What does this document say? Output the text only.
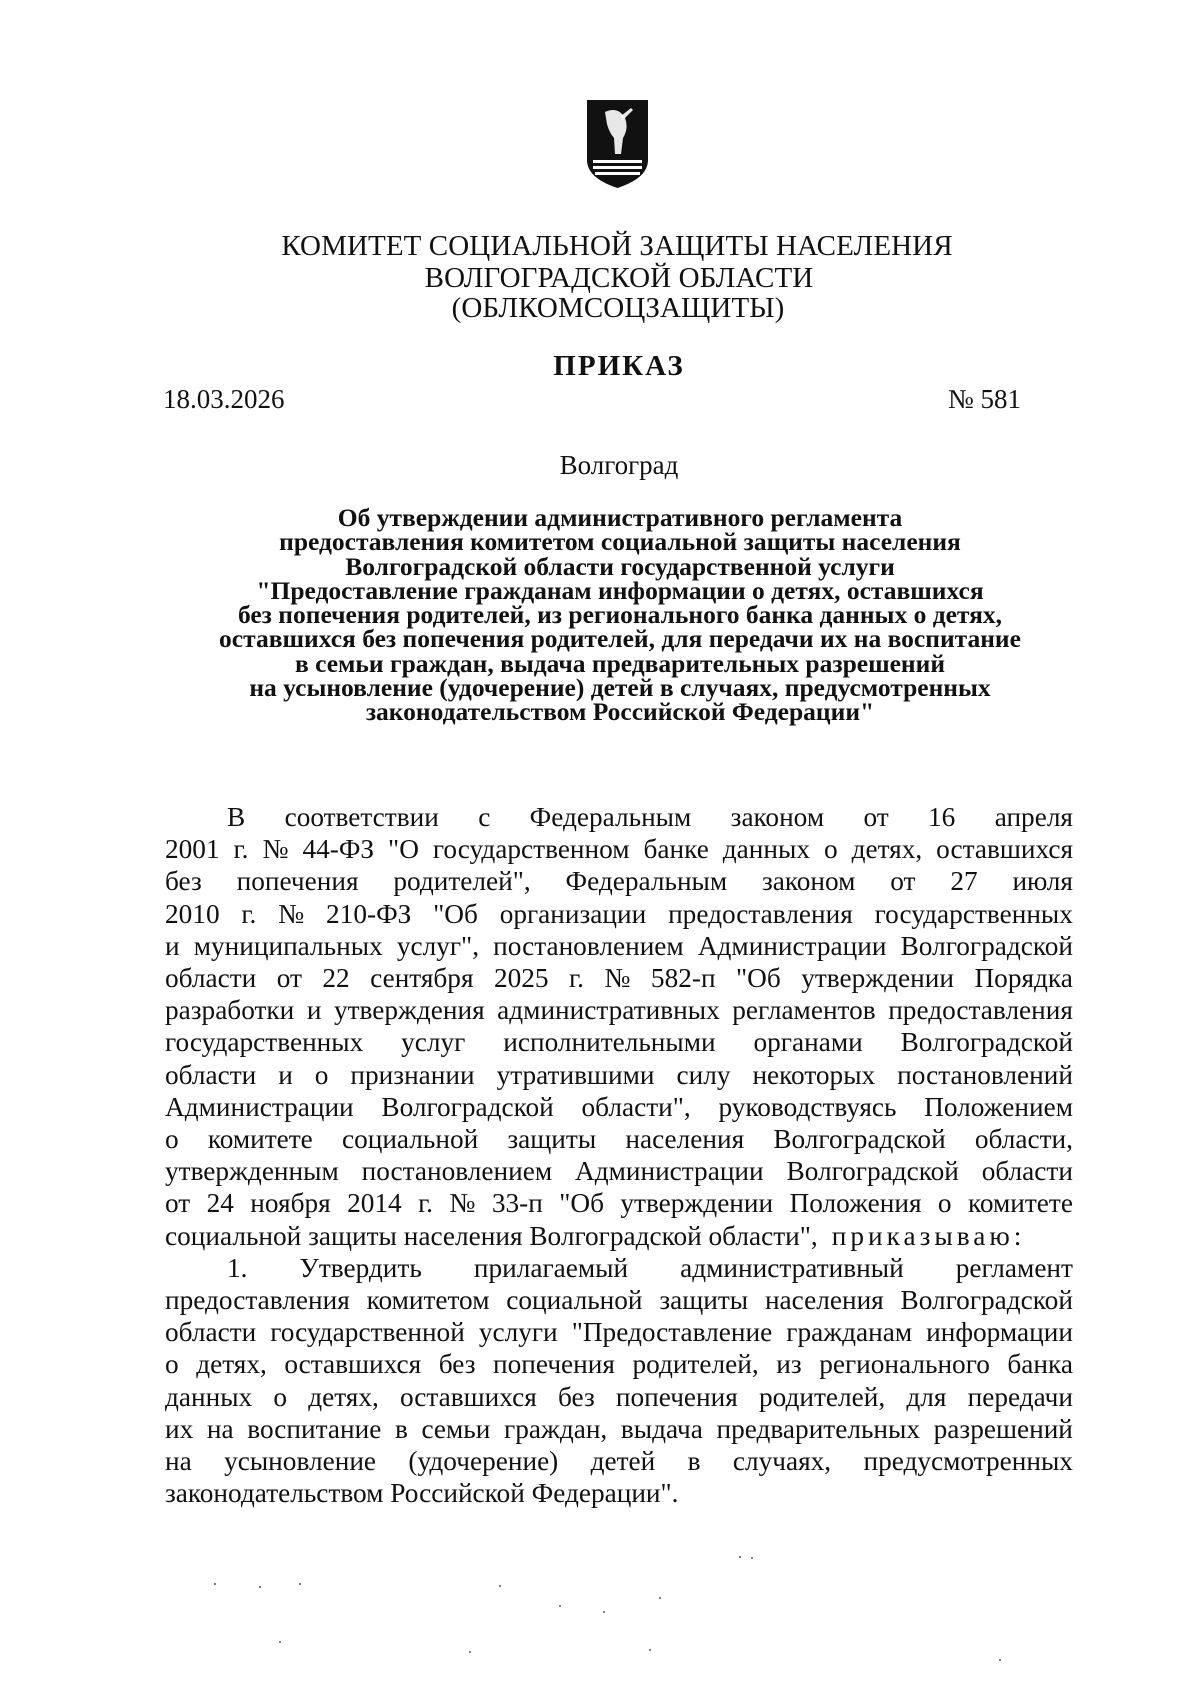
КОМИТЕТ СОЦИАЛЬНОЙ ЗАЩИТЫ НАСЕЛЕНИЯ
ВОЛГОГРАДСКОЙ ОБЛАСТИ
(ОБЛКОМСОЦЗАЩИТЫ)
ПРИКАЗ
18.03.2026	№ 581
Волгоград
Об утверждении административного регламента
предоставления комитетом социальной защиты населения
Волгоградской области государственной услуги
"Предоставление гражданам информации о детях, оставшихся
без попечения родителей, из регионального банка данных о детях,
оставшихся без попечения родителей, для передачи их на воспитание
в семьи граждан, выдача предварительных разрешений
на усыновление (удочерение) детей в случаях, предусмотренных
законодательством Российской Федерации"
В соответствии с Федеральным законом от 16 апреля
2001 г. № 44-ФЗ "О государственном банке данных о детях, оставшихся
без попечения родителей", Федеральным законом от 27 июля
2010 г. № 210-ФЗ "Об организации предоставления государственных
и муниципальных услуг", постановлением Администрации Волгоградской
области от 22 сентября 2025 г. № 582-п "Об утверждении Порядка
разработки и утверждения административных регламентов предоставления
государственных услуг исполнительными органами Волгоградской
области и о признании утратившими силу некоторых постановлений
Администрации Волгоградской области", руководствуясь Положением
о комитете социальной защиты населения Волгоградской области,
утвержденным постановлением Администрации Волгоградской области
от 24 ноября 2014 г. № 33-п "Об утверждении Положения о комитете
социальной защиты населения Волгоградской области", приказываю:
1. Утвердить прилагаемый административный регламент
предоставления комитетом социальной защиты населения Волгоградской
области государственной услуги "Предоставление гражданам информации
о детях, оставшихся без попечения родителей, из регионального банка
данных о детях, оставшихся без попечения родителей, для передачи
их на воспитание в семьи граждан, выдача предварительных разрешений
на усыновление (удочерение) детей в случаях, предусмотренных
законодательством Российской Федерации".
